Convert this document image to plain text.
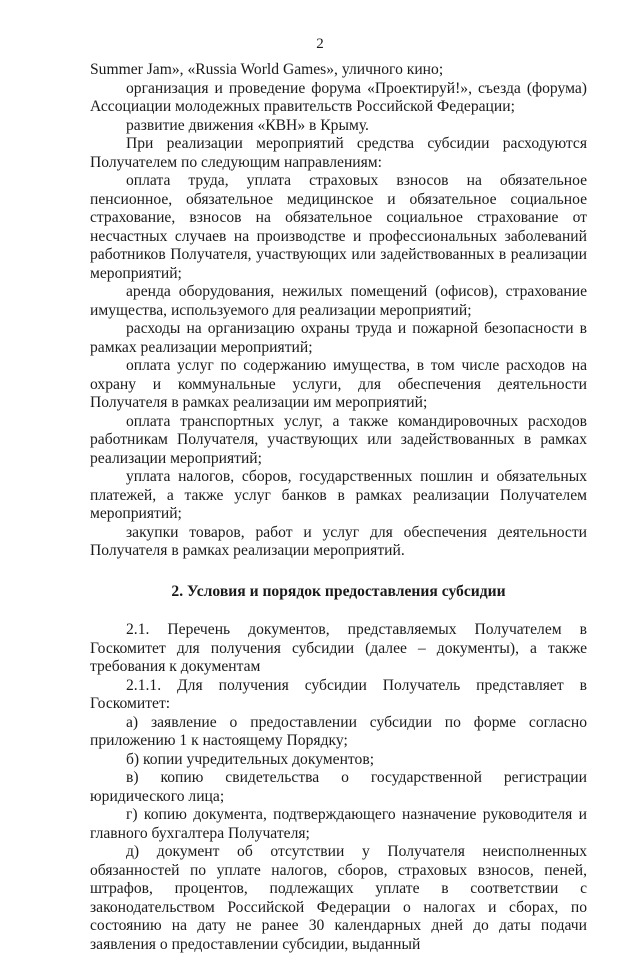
2

Summer Jam», «Russia World Games», уличного кино;

организация и проведение форума «Проектируй!», съезда (форума) Ассоциации молодежных правительств Российской Федерации;

развитие движения «КВН» в Крыму.

При реализации мероприятий средства субсидии расходуются Получателем по следующим направлениям:

оплата труда, уплата страховых взносов на обязательное пенсионное, обязательное медицинское и обязательное социальное страхование, взносов на обязательное социальное страхование от несчастных случаев на производстве и профессиональных заболеваний работников Получателя, участвующих или задействованных в реализации мероприятий;

аренда оборудования, нежилых помещений (офисов), страхование имущества, используемого для реализации мероприятий;

расходы на организацию охраны труда и пожарной безопасности в рамках реализации мероприятий;

оплата услуг по содержанию имущества, в том числе расходов на охрану и коммунальные услуги, для обеспечения деятельности Получателя в рамках реализации им мероприятий;

оплата транспортных услуг, а также командировочных расходов работникам Получателя, участвующих или задействованных в рамках реализации мероприятий;

уплата налогов, сборов, государственных пошлин и обязательных платежей, а также услуг банков в рамках реализации Получателем мероприятий;

закупки товаров, работ и услуг для обеспечения деятельности Получателя в рамках реализации мероприятий.

2. Условия и порядок предоставления субсидии

2.1. Перечень документов, представляемых Получателем в Госкомитет для получения субсидии (далее – документы), а также требования к документам

2.1.1. Для получения субсидии Получатель представляет в Госкомитет:

а) заявление о предоставлении субсидии по форме согласно приложению 1 к настоящему Порядку;

б) копии учредительных документов;

в) копию свидетельства о государственной регистрации юридического лица;

г) копию документа, подтверждающего назначение руководителя и главного бухгалтера Получателя;

д) документ об отсутствии у Получателя неисполненных обязанностей по уплате налогов, сборов, страховых взносов, пеней, штрафов, процентов, подлежащих уплате в соответствии с законодательством Российской Федерации о налогах и сборах, по состоянию на дату не ранее 30 календарных дней до даты подачи заявления о предоставлении субсидии, выданный
